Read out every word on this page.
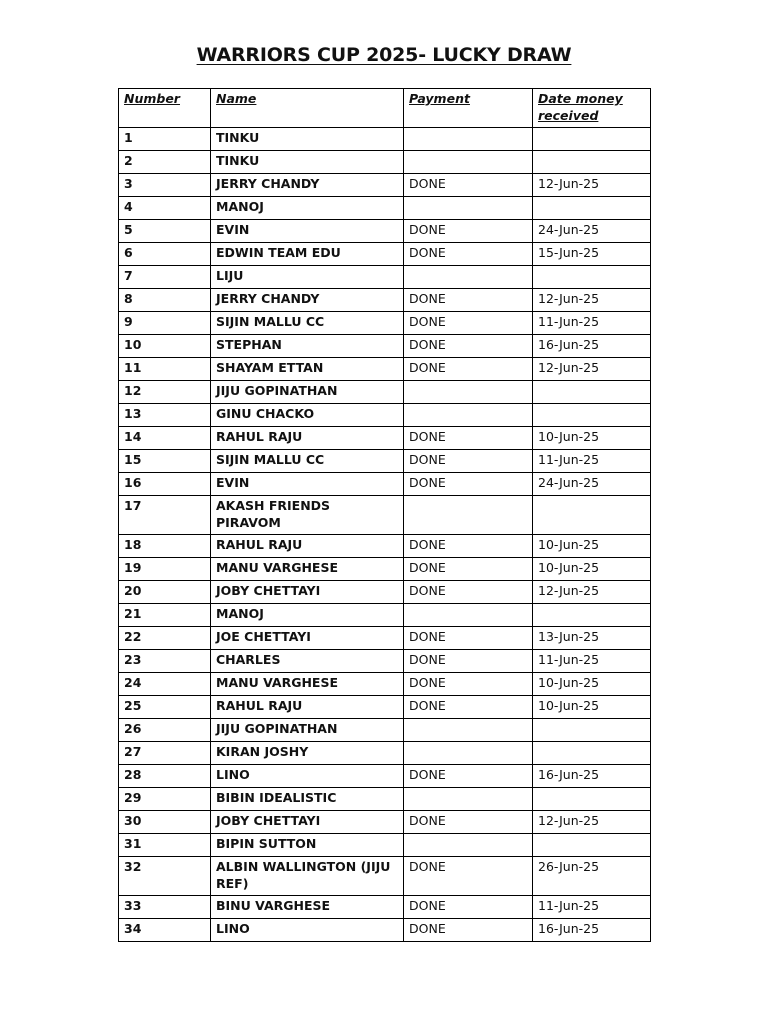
WARRIORS CUP 2025- LUCKY DRAW
Number	Name	Payment	Date money received
1	TINKU		
2	TINKU		
3	JERRY CHANDY	DONE	12-Jun-25
4	MANOJ		
5	EVIN	DONE	24-Jun-25
6	EDWIN TEAM EDU	DONE	15-Jun-25
7	LIJU		
8	JERRY CHANDY	DONE	12-Jun-25
9	SIJIN MALLU CC	DONE	11-Jun-25
10	STEPHAN	DONE	16-Jun-25
11	SHAYAM ETTAN	DONE	12-Jun-25
12	JIJU GOPINATHAN		
13	GINU CHACKO		
14	RAHUL RAJU	DONE	10-Jun-25
15	SIJIN MALLU CC	DONE	11-Jun-25
16	EVIN	DONE	24-Jun-25
17	AKASH FRIENDS PIRAVOM		
18	RAHUL RAJU	DONE	10-Jun-25
19	MANU VARGHESE	DONE	10-Jun-25
20	JOBY CHETTAYI	DONE	12-Jun-25
21	MANOJ		
22	JOE CHETTAYI	DONE	13-Jun-25
23	CHARLES	DONE	11-Jun-25
24	MANU VARGHESE	DONE	10-Jun-25
25	RAHUL RAJU	DONE	10-Jun-25
26	JIJU GOPINATHAN		
27	KIRAN JOSHY		
28	LINO	DONE	16-Jun-25
29	BIBIN IDEALISTIC		
30	JOBY CHETTAYI	DONE	12-Jun-25
31	BIPIN SUTTON		
32	ALBIN WALLINGTON (JIJU REF)	DONE	26-Jun-25
33	BINU VARGHESE	DONE	11-Jun-25
34	LINO	DONE	16-Jun-25
